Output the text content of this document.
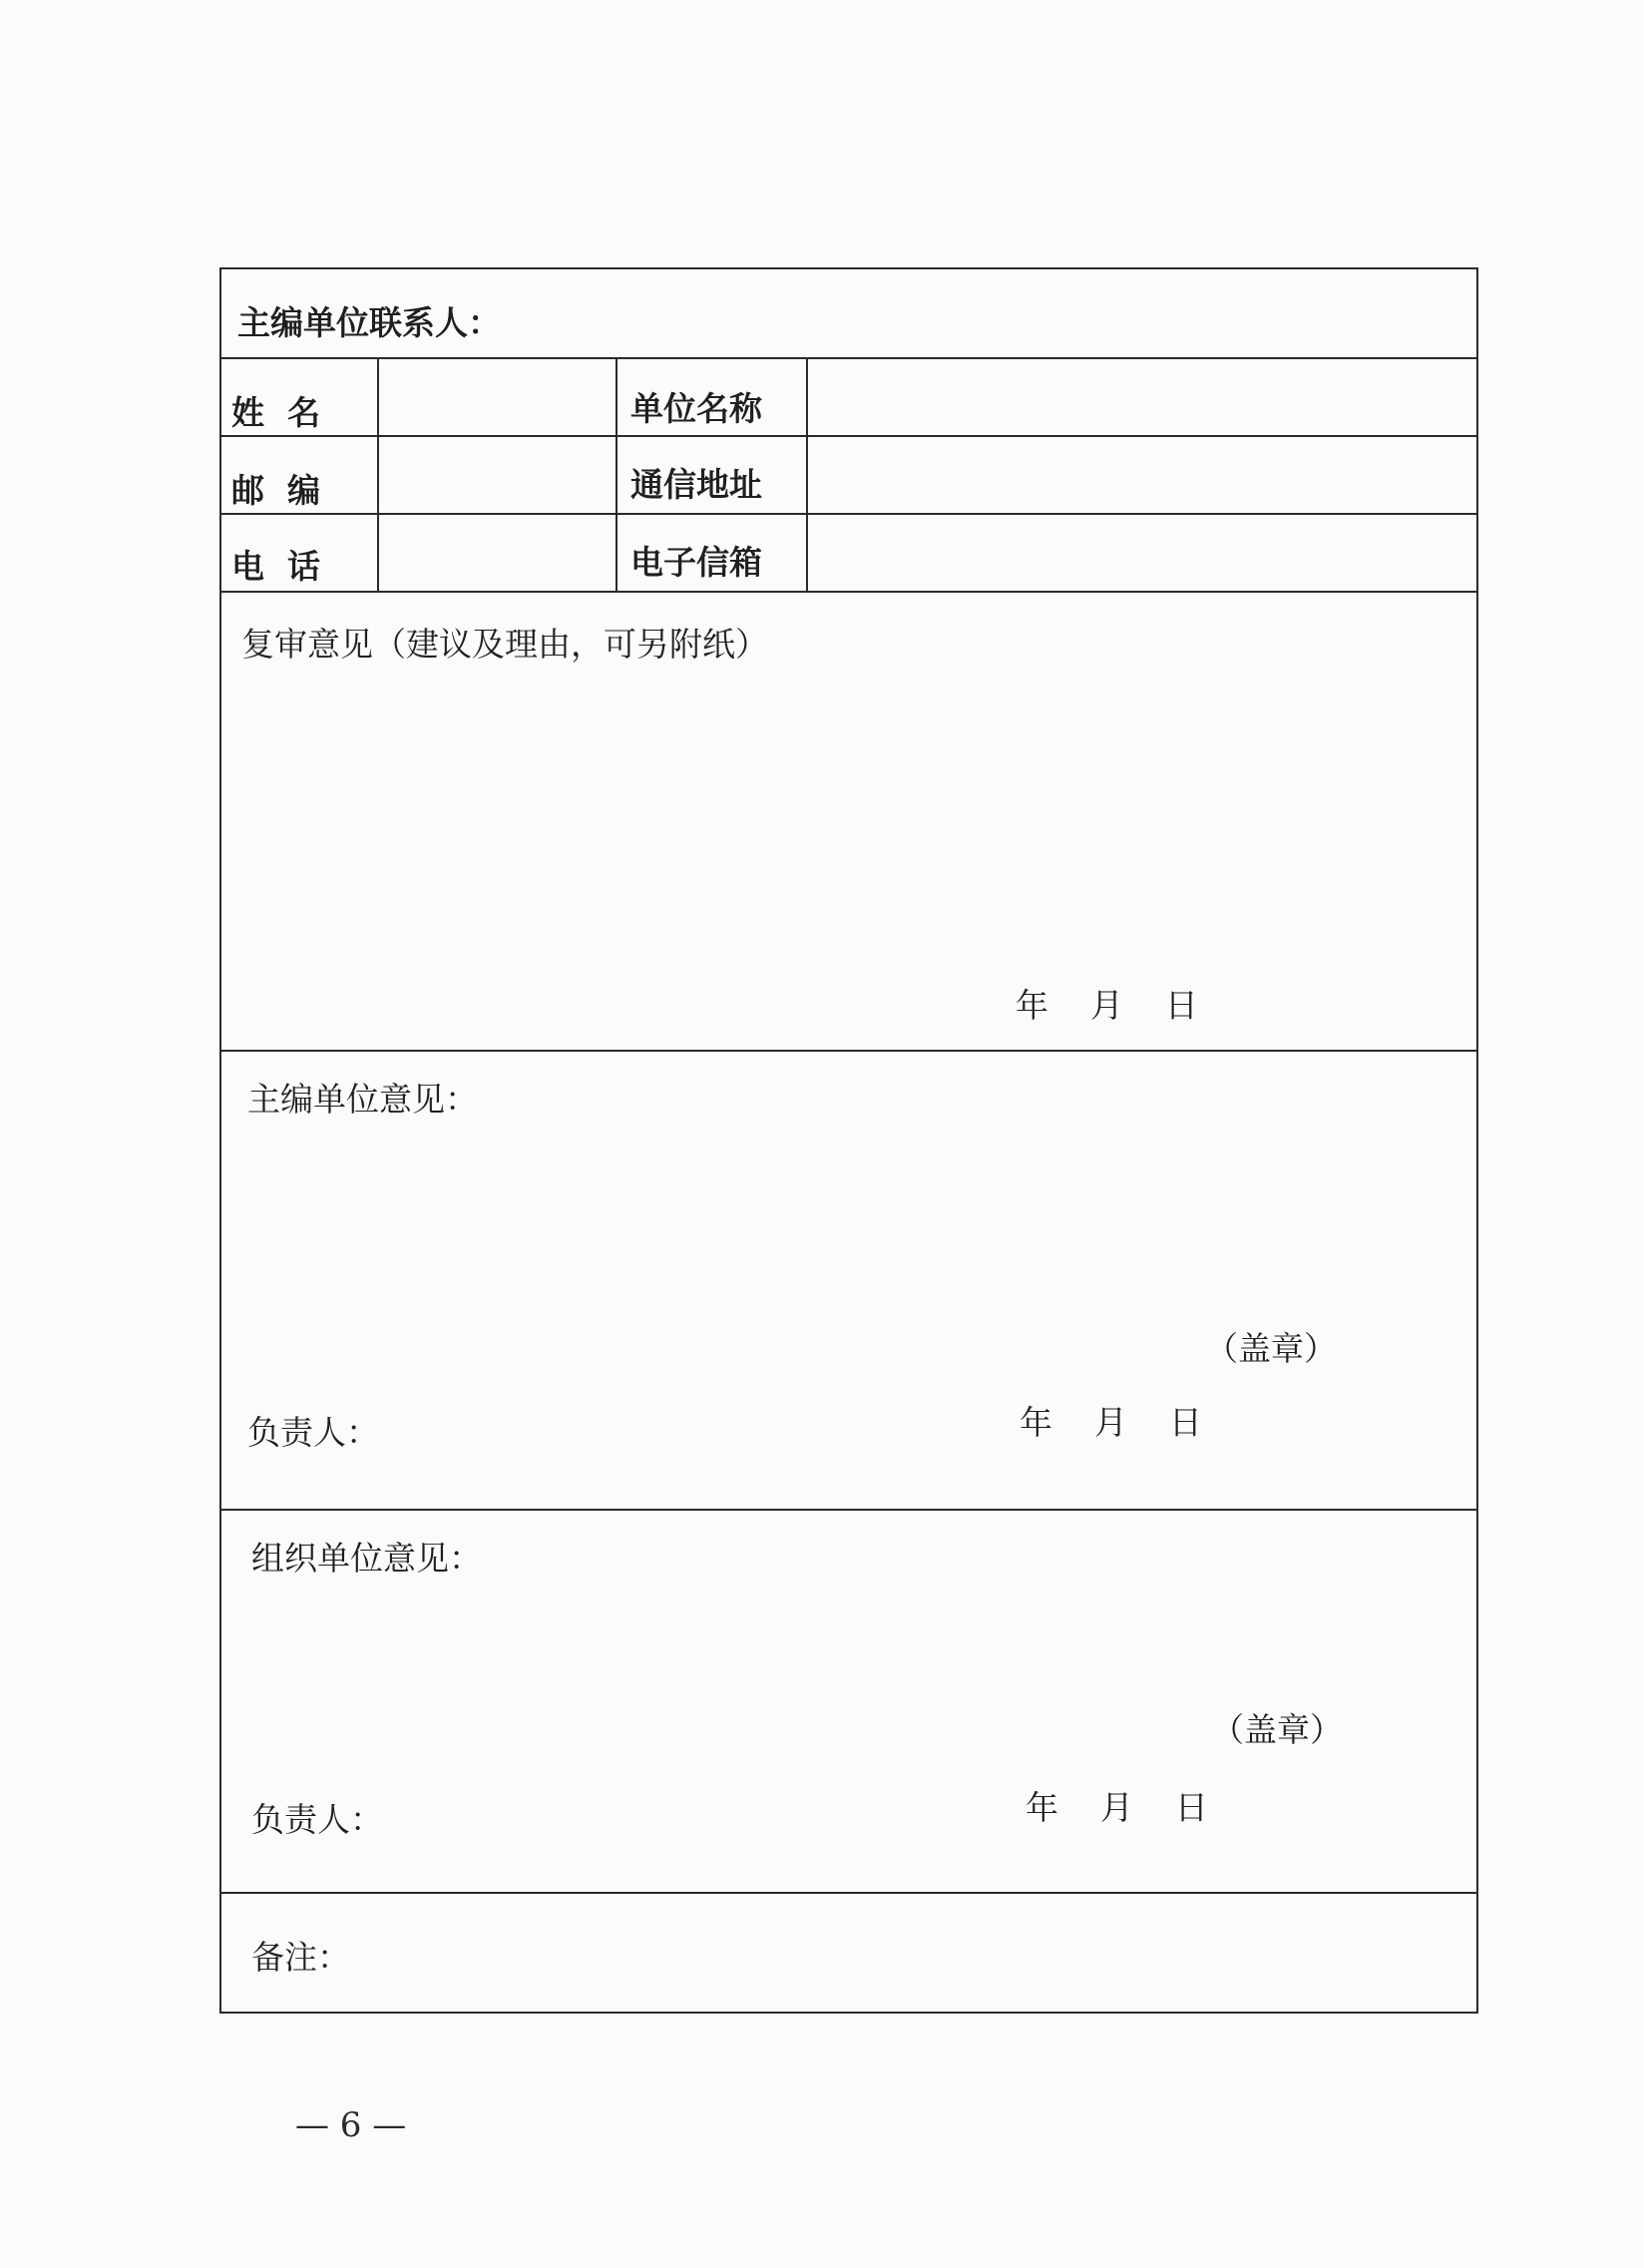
主编单位联系人：
姓  名	单位名称
邮  编	通信地址
电  话	电子信箱
复审意见（建议及理由，可另附纸）
年    月    日
主编单位意见：
（盖章）
负责人：	年    月    日
组织单位意见：
（盖章）
负责人：	年    月    日
备注：
— 6 —
